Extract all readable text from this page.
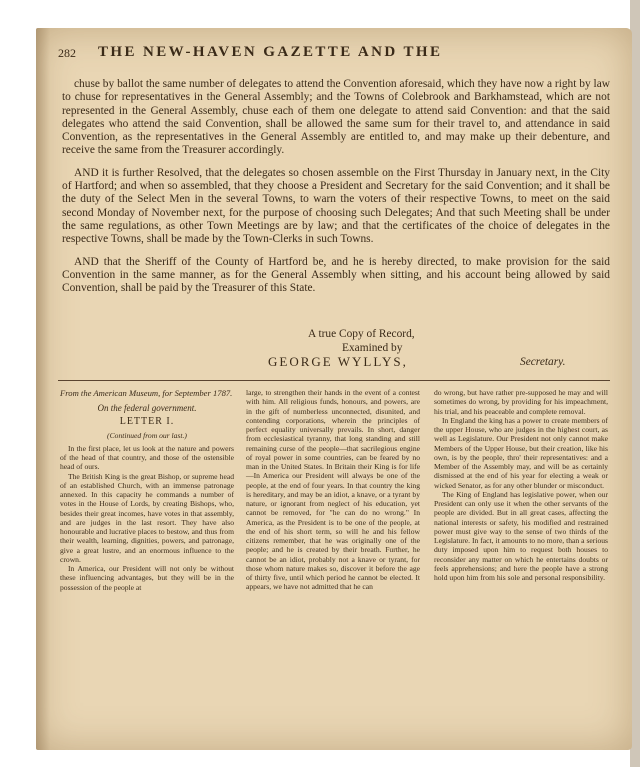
282 THE NEW-HAVEN GAZETTE AND THE

chuse by ballot the same number of delegates to attend the Convention aforesaid, which they have now a right by law to chuse for representatives in the General Assembly; and the Towns of Colebrook and Barkhamstead, which are not represented in the General Assembly, chuse each of them one delegate to attend said Convention: and that the said delegates who attend the said Convention, shall be allowed the same sum for their travel to, and attendance in said Convention, as the representatives in the General Assembly are entitled to, and may make up their debenture, and receive the same from the Treasurer accordingly.

AND it is further Resolved, that the delegates so chosen assemble on the First Thursday in January next, in the City of Hartford; and when so assembled, that they choose a President and Secretary for the said Convention; and it shall be the duty of the Select Men in the several Towns, to warn the voters of their respective Towns, to meet on the said second Monday of November next, for the purpose of choosing such Delegates; And that such Meeting shall be under the same regulations, as other Town Meetings are by law; and that the certificates of the choice of delegates in the respective Towns, shall be made by the Town-Clerks in such Towns.

AND that the Sheriff of the County of Hartford be, and he is hereby directed, to make provision for the said Convention in the same manner, as for the General Assembly when sitting, and his account being allowed by said Convention, shall be paid by the Treasurer of this State.

A true Copy of Record,
Examined by
GEORGE WYLLYS,	Secretary.

From the American Museum, for September 1787.

On the federal government.

LETTER I.

(Continued from our last.)

In the first place, let us look at the nature and powers of the head of that country, and those of the ostensible head of ours.

The British King is the great Bishop, or supreme head of an established Church, with an immense patronage annexed. In this capacity he commands a number of votes in the House of Lords, by creating Bishops, who, besides their great incomes, have votes in that assembly, and are judges in the last resort. They have also honourable and lucrative places to bestow, and thus from their wealth, learning, dignities, powers, and patronage, give a great lustre, and an enormous influence to the crown.

In America, our President will not only be without these influencing advantages, but they will be in the possession of the people at

large, to strengthen their hands in the event of a contest with him. All religious funds, honours, and powers, are in the gift of numberless unconnected, disunited, and contending corporations, wherein the principles of perfect equality universally prevails. In short, danger from ecclesiastical tyranny, that long standing and still remaining curse of the people—that sacrilegious engine of royal power in some countries, can be feared by no man in the United States. In Britain their King is for life—In America our President will always be one of the people, at the end of four years. In that country the king is hereditary, and may be an idiot, a knave, or a tyrant by nature, or ignorant from neglect of his education, yet cannot be removed, for "he can do no wrong." In America, as the President is to be one of the people, at the end of his short term, so will he and his fellow citizens remember, that he was originally one of the people; and he is created by their breath. Further, he cannot be an idiot, probably not a knave or tyrant, for those whom nature makes so, discover it before the age of thirty five, until which period he cannot be elected. It appears, we have not admitted that he can

do wrong, but have rather pre-supposed he may and will sometimes do wrong, by providing for his impeachment, his trial, and his peaceable and complete removal.

In England the king has a power to create members of the upper House, who are judges in the highest court, as well as Legislature. Our President not only cannot make Members of the Upper House, but their creation, like his own, is by the people, thro' their representatives: and a Member of the Assembly may, and will be as certainly dismissed at the end of his year for electing a weak or wicked Senator, as for any other blunder or misconduct.

The King of England has legislative power, when our President can only use it when the other servants of the people are divided. But in all great cases, affecting the national interests or safety, his modified and restrained power must give way to the sense of two thirds of the Legislature. In fact, it amounts to no more, than a serious duty imposed upon him to request both houses to reconsider any matter on which he entertains doubts or feels apprehensions; and here the people have a strong hold upon him from his sole and personal responsibility.
